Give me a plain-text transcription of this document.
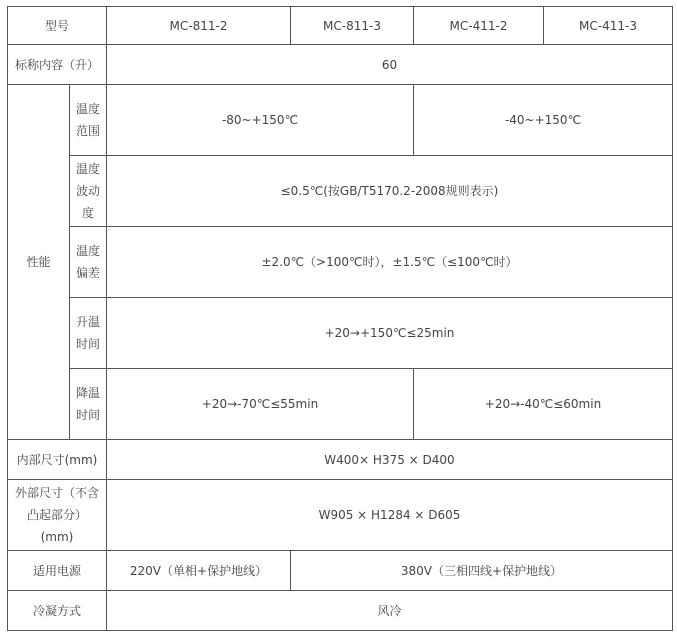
型号		MC-811-2	MC-811-3	MC-411-2	MC-411-3
标称内容（升）		60			
性能	温度范围	-80~+150℃		-40~+150℃	
	温度波动度	≤0.5℃(按GB/T5170.2-2008规则表示)			
	温度偏差	±2.0℃（>100℃时），±1.5℃（≤100℃时）			
	升温时间	+20→+150℃≤25min			
	降温时间	+20→-70℃≤55min		+20→-40℃≤60min	
内部尺寸(mm)		W400× H375 × D400			
外部尺寸（不含凸起部分）(mm)		W905 × H1284 × D605			
适用电源		220V（单相+保护地线）	380V（三相四线+保护地线）		
冷凝方式		风冷			
